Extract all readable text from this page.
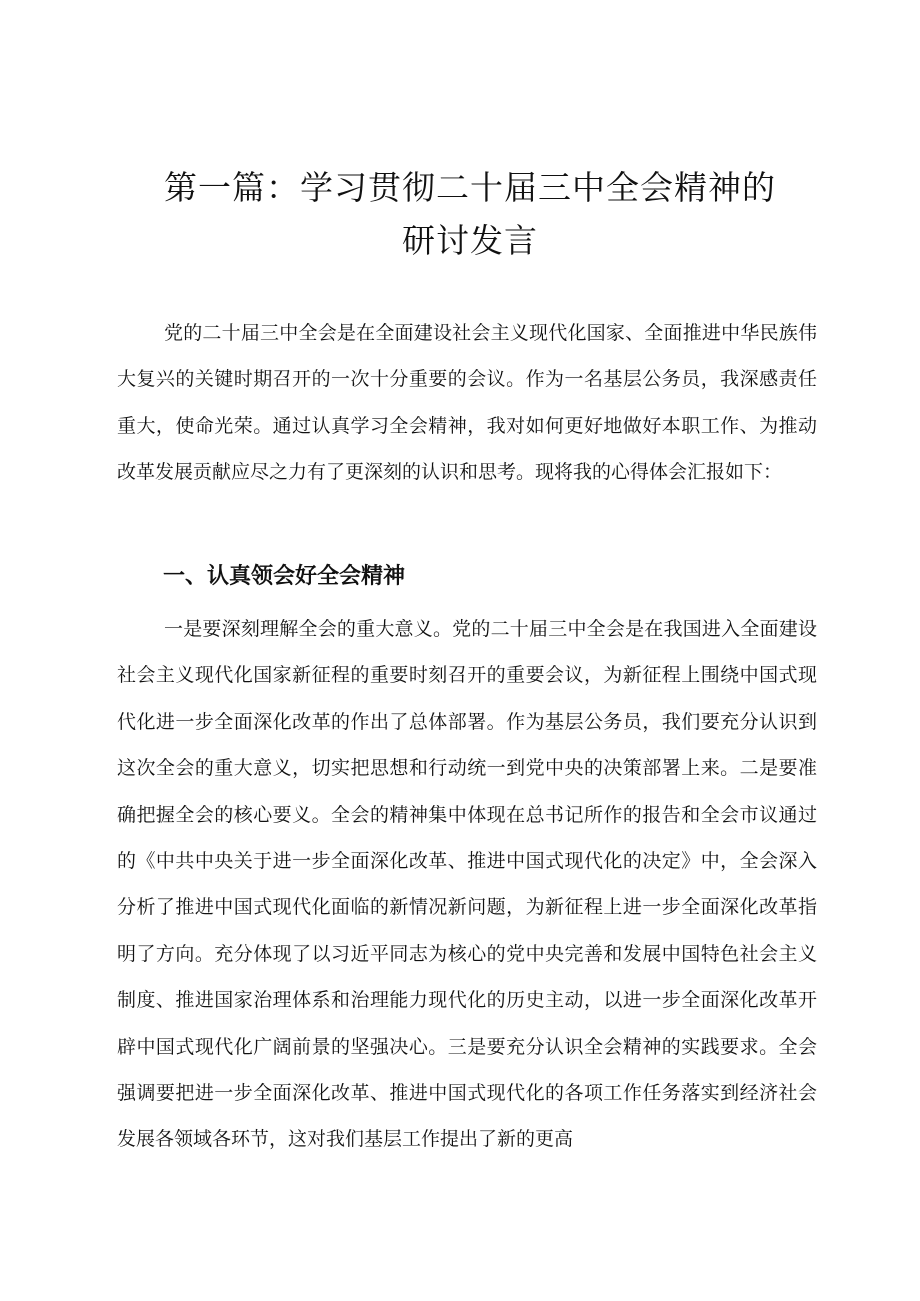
第一篇：学习贯彻二十届三中全会精神的
研讨发言

党的二十届三中全会是在全面建设社会主义现代化国家、全面推进中华民族伟大复兴的关键时期召开的一次十分重要的会议。作为一名基层公务员，我深感责任重大，使命光荣。通过认真学习全会精神，我对如何更好地做好本职工作、为推动改革发展贡献应尽之力有了更深刻的认识和思考。现将我的心得体会汇报如下：

一、认真领会好全会精神

一是要深刻理解全会的重大意义。党的二十届三中全会是在我国进入全面建设社会主义现代化国家新征程的重要时刻召开的重要会议，为新征程上围绕中国式现代化进一步全面深化改革的作出了总体部署。作为基层公务员，我们要充分认识到这次全会的重大意义，切实把思想和行动统一到党中央的决策部署上来。二是要准确把握全会的核心要义。全会的精神集中体现在总书记所作的报告和全会市议通过的《中共中央关于进一步全面深化改革、推进中国式现代化的决定》中，全会深入分析了推进中国式现代化面临的新情况新问题，为新征程上进一步全面深化改革指明了方向。充分体现了以习近平同志为核心的党中央完善和发展中国特色社会主义制度、推进国家治理体系和治理能力现代化的历史主动，以进一步全面深化改革开辟中国式现代化广阔前景的坚强决心。三是要充分认识全会精神的实践要求。全会强调要把进一步全面深化改革、推进中国式现代化的各项工作任务落实到经济社会发展各领域各环节，这对我们基层工作提出了新的更高
